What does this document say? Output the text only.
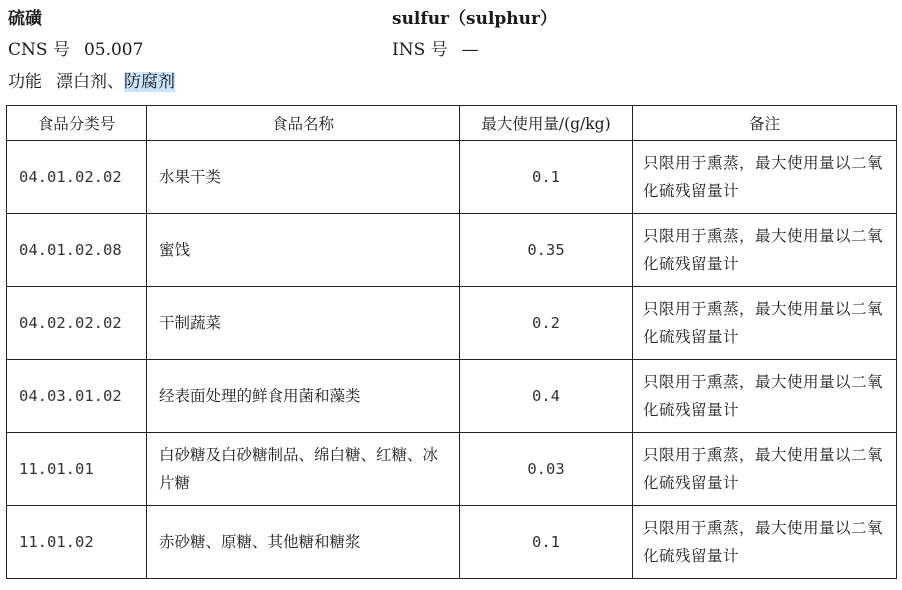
硫磺	sulfur（sulphur）
CNS 号 05.007	INS 号 —
功能 漂白剂、防腐剂
食品分类号	食品名称	最大使用量/(g/kg)	备注
04.01.02.02	水果干类	0.1	只限用于熏蒸，最大使用量以二氧化硫残留量计
04.01.02.08	蜜饯	0.35	只限用于熏蒸，最大使用量以二氧化硫残留量计
04.02.02.02	干制蔬菜	0.2	只限用于熏蒸，最大使用量以二氧化硫残留量计
04.03.01.02	经表面处理的鲜食用菌和藻类	0.4	只限用于熏蒸，最大使用量以二氧化硫残留量计
11.01.01	白砂糖及白砂糖制品、绵白糖、红糖、冰片糖	0.03	只限用于熏蒸，最大使用量以二氧化硫残留量计
11.01.02	赤砂糖、原糖、其他糖和糖浆	0.1	只限用于熏蒸，最大使用量以二氧化硫残留量计
